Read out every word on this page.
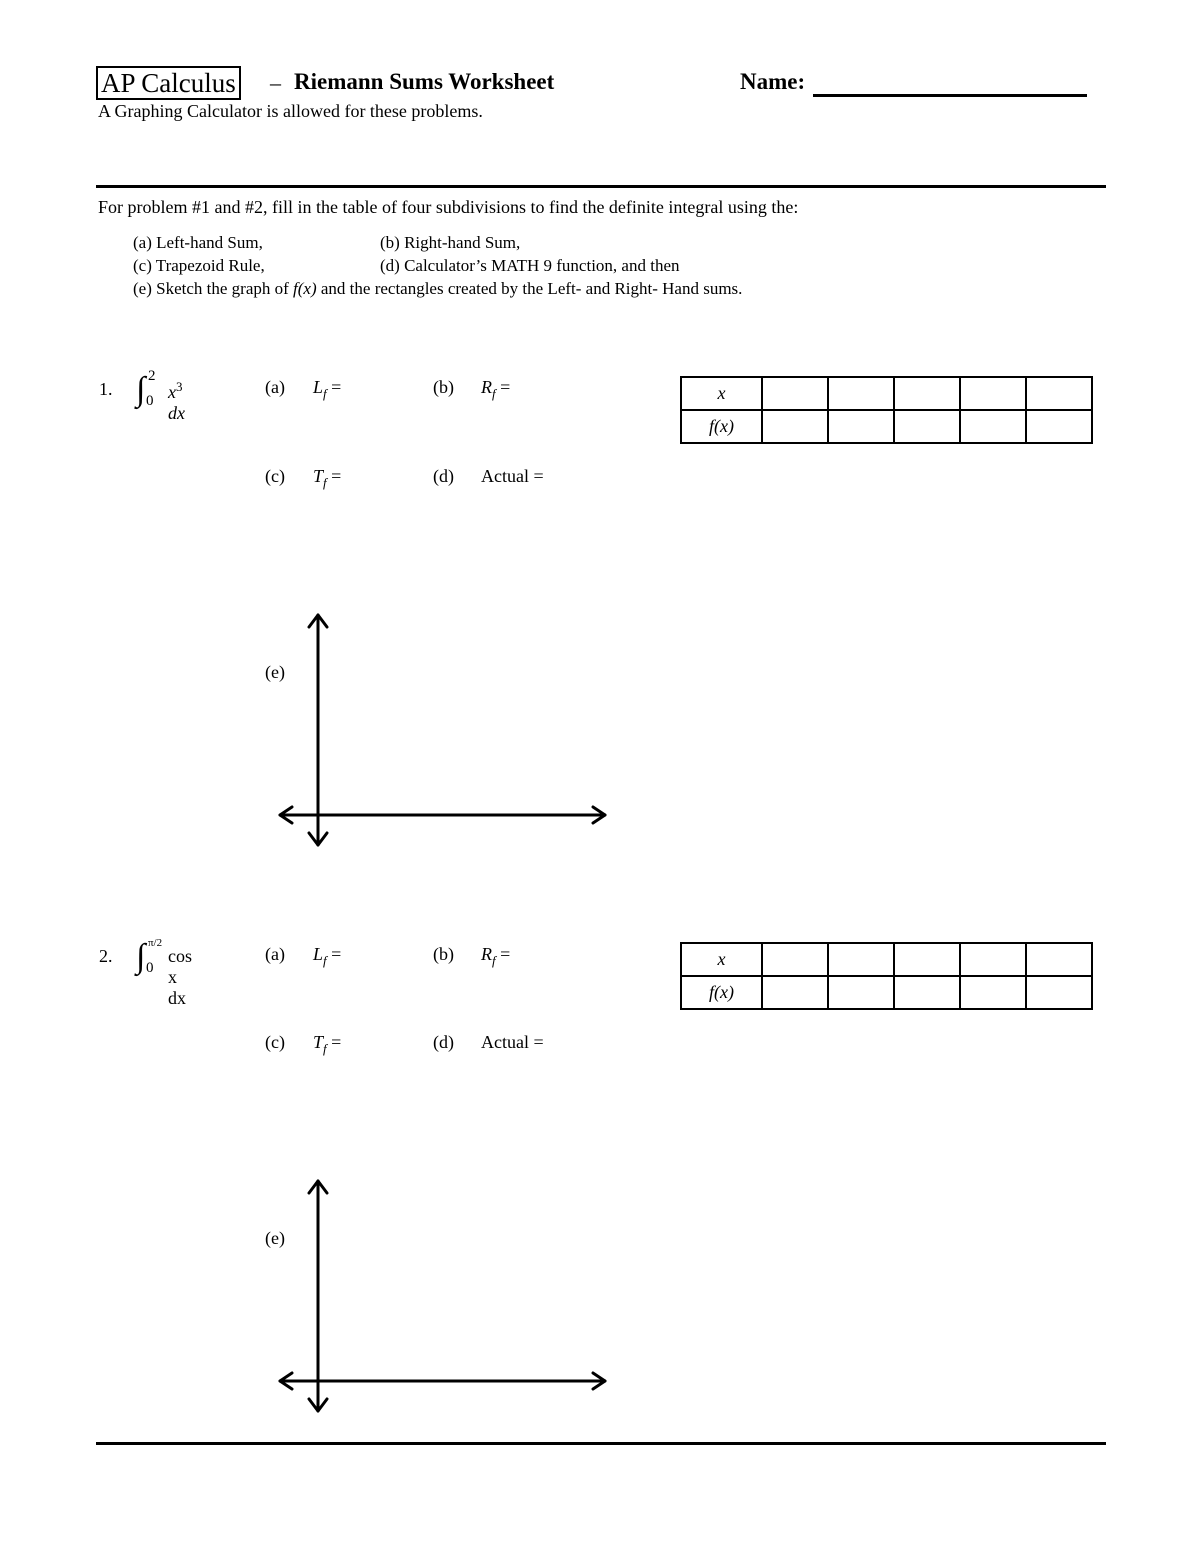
AP Calculus – Riemann Sums Worksheet	Name:
A Graphing Calculator is allowed for these problems.
For problem #1 and #2, fill in the table of four subdivisions to find the definite integral using the:
(a) Left-hand Sum,	(b) Right-hand Sum,
(c) Trapezoid Rule,	(d) Calculator’s MATH 9 function, and then
(e) Sketch the graph of f(x) and the rectangles created by the Left- and Right- Hand sums.
1. ∫ 2
0 $x^3$ dx
(a) $L_f$ =	(b) $R_f$ =
(c) $T_f$ =	(d) Actual =
x					
f(x)					
(e)
2. ∫ π/2
0
cos x dx
(a) $L_f$ =	(b) $R_f$ =
(c) $T_f$ =	(d) Actual =
x					
f(x)					
(e)
